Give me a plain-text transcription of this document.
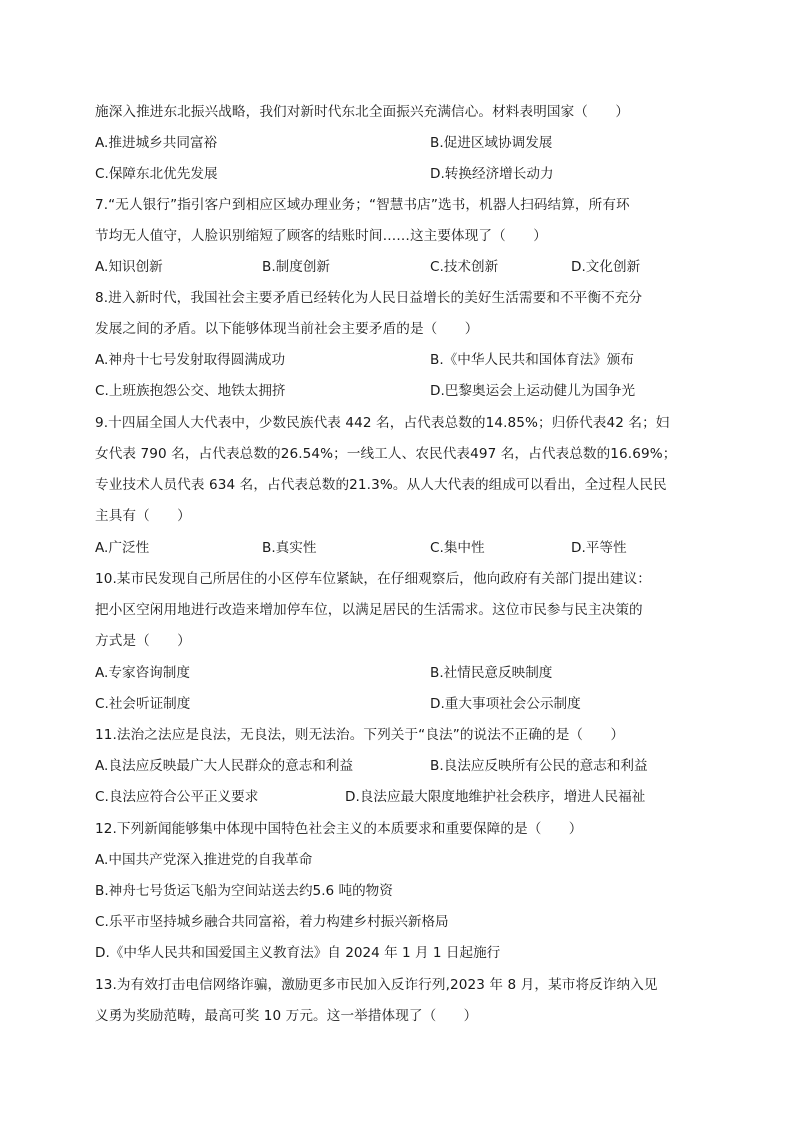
施深入推进东北振兴战略，我们对新时代东北全面振兴充满信心。材料表明国家（　　）
A.推进城乡共同富裕	B.促进区域协调发展
C.保障东北优先发展	D.转换经济增长动力
7.“无人银行”指引客户到相应区域办理业务；“智慧书店”选书，机器人扫码结算，所有环
节均无人值守，人脸识别缩短了顾客的结账时间……这主要体现了（　　）
A.知识创新	B.制度创新	C.技术创新	D.文化创新
8.进入新时代，我国社会主要矛盾已经转化为人民日益增长的美好生活需要和不平衡不充分
发展之间的矛盾。以下能够体现当前社会主要矛盾的是（　　）
A.神舟十七号发射取得圆满成功	B.《中华人民共和国体育法》颁布
C.上班族抱怨公交、地铁太拥挤	D.巴黎奥运会上运动健儿为国争光
9.十四届全国人大代表中，少数民族代表 442 名，占代表总数的14.85%；归侨代表42 名；妇
女代表 790 名，占代表总数的26.54%；一线工人、农民代表497 名，占代表总数的16.69%；
专业技术人员代表 634 名，占代表总数的21.3%。从人大代表的组成可以看出，全过程人民民
主具有（　　）
A.广泛性	B.真实性	C.集中性	D.平等性
10.某市民发现自己所居住的小区停车位紧缺，在仔细观察后，他向政府有关部门提出建议：
把小区空闲用地进行改造来增加停车位，以满足居民的生活需求。这位市民参与民主决策的
方式是（　　）
A.专家咨询制度	B.社情民意反映制度
C.社会听证制度	D.重大事项社会公示制度
11.法治之法应是良法，无良法，则无法治。下列关于“良法”的说法不正确的是（　　）
A.良法应反映最广大人民群众的意志和利益	B.良法应反映所有公民的意志和利益
C.良法应符合公平正义要求	D.良法应最大限度地维护社会秩序，增进人民福祉
12.下列新闻能够集中体现中国特色社会主义的本质要求和重要保障的是（　　）
A.中国共产党深入推进党的自我革命
B.神舟七号货运飞船为空间站送去约5.6 吨的物资
C.乐平市坚持城乡融合共同富裕，着力构建乡村振兴新格局
D.《中华人民共和国爱国主义教育法》自 2024 年 1 月 1 日起施行
13.为有效打击电信网络诈骗，激励更多市民加入反诈行列,2023 年 8 月，某市将反诈纳入见
义勇为奖励范畴，最高可奖 10 万元。这一举措体现了（　　）
